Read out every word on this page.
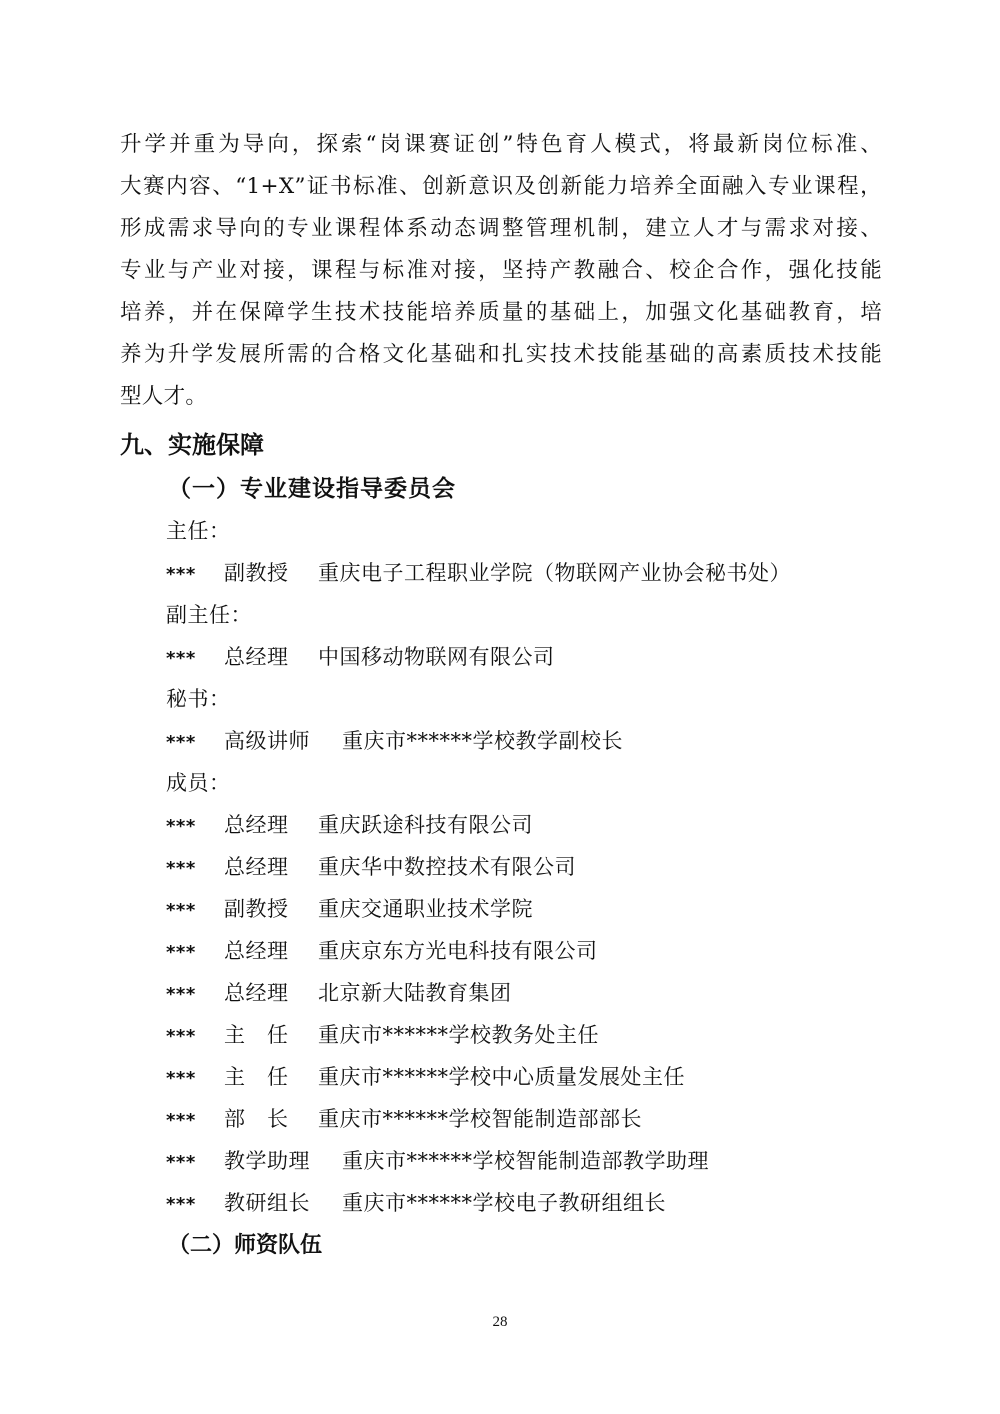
升学并重为导向，探索“岗课赛证创”特色育人模式，将最新岗位标准、
大赛内容、“1+X”证书标准、创新意识及创新能力培养全面融入专业课程，
形成需求导向的专业课程体系动态调整管理机制，建立人才与需求对接、
专业与产业对接，课程与标准对接，坚持产教融合、校企合作，强化技能
培养，并在保障学生技术技能培养质量的基础上，加强文化基础教育，培
养为升学发展所需的合格文化基础和扎实技术技能基础的高素质技术技能
型人才。
九、实施保障
（一）专业建设指导委员会
主任：
*** 副教授 重庆电子工程职业学院（物联网产业协会秘书处）
副主任：
*** 总经理 中国移动物联网有限公司
秘书：
*** 高级讲师 重庆市******学校教学副校长
成员：
*** 总经理 重庆跃途科技有限公司
*** 总经理 重庆华中数控技术有限公司
*** 副教授 重庆交通职业技术学院
*** 总经理 重庆京东方光电科技有限公司
*** 总经理 北京新大陆教育集团
*** 主　任 重庆市******学校教务处主任
*** 主　任 重庆市******学校中心质量发展处主任
*** 部　长 重庆市******学校智能制造部部长
*** 教学助理 重庆市******学校智能制造部教学助理
*** 教研组长 重庆市******学校电子教研组组长
（二）师资队伍
28
